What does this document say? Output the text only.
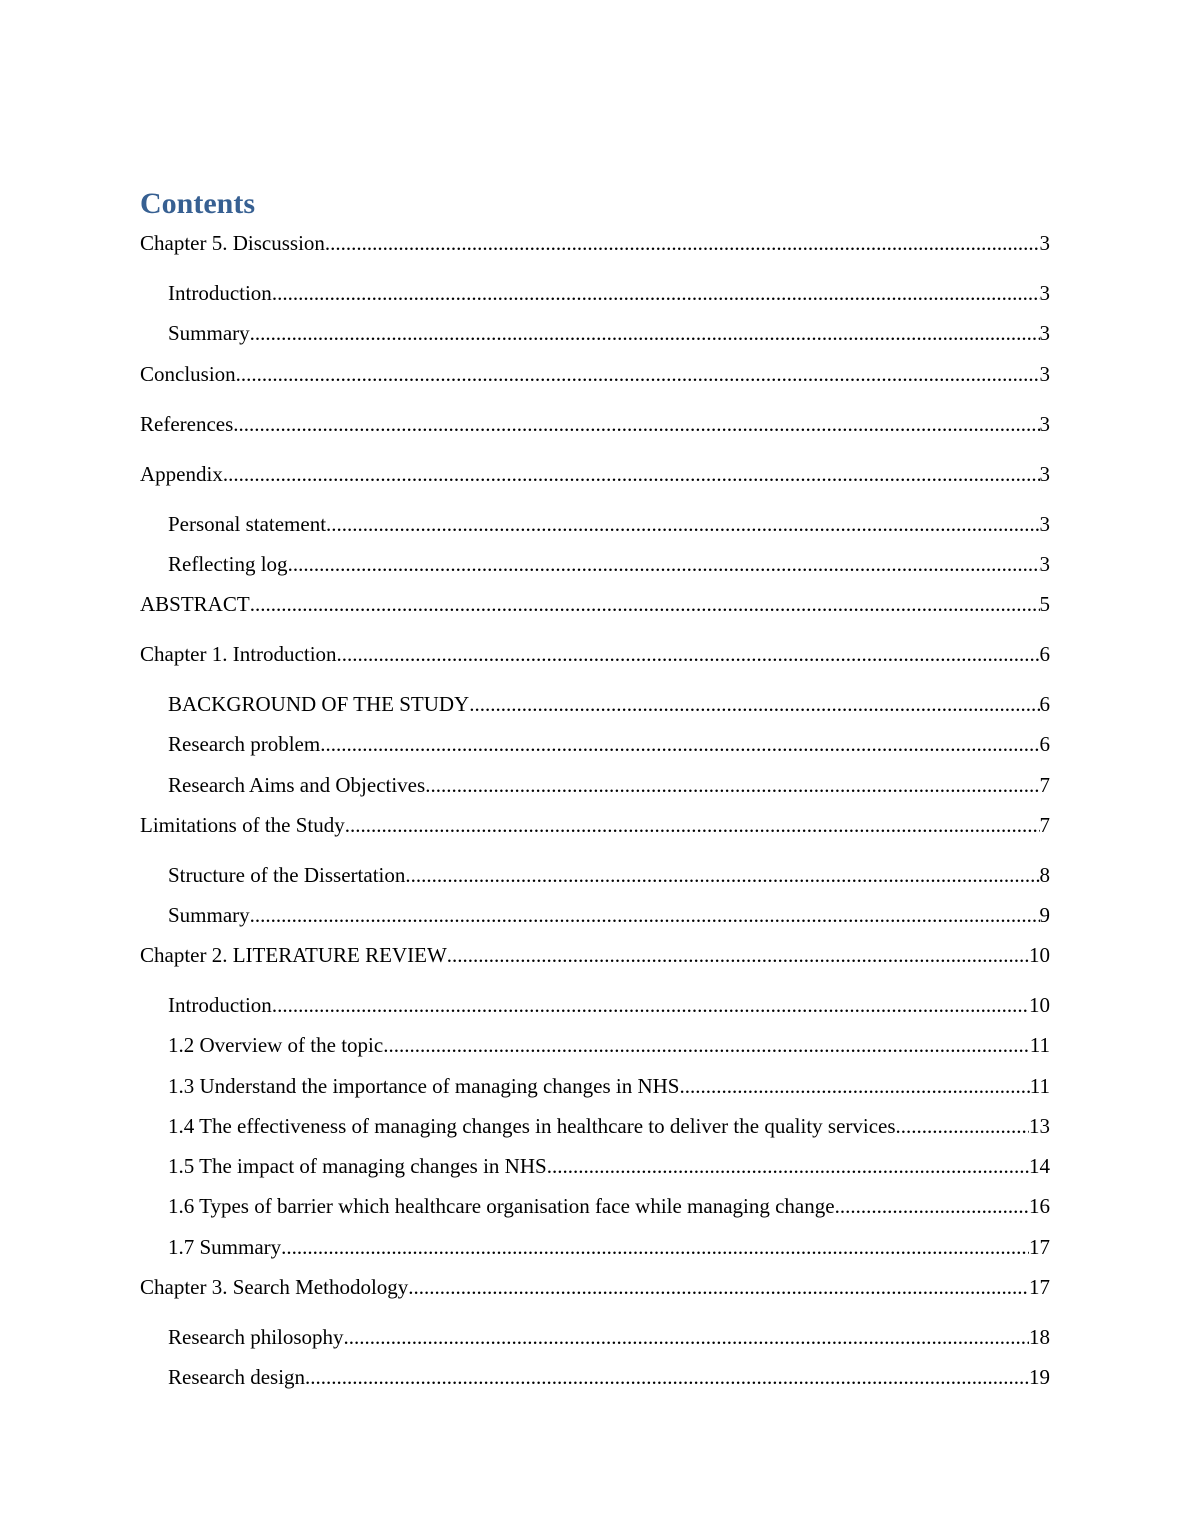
Contents
Chapter 5. Discussion .....	3
Introduction .....	3
Summary .....	3
Conclusion .....	3
References .....	3
Appendix .....	3
Personal statement .....	3
Reflecting log .....	3
ABSTRACT .....	5
Chapter 1. Introduction .....	6
BACKGROUND OF THE STUDY .....	6
Research problem .....	6
Research Aims and Objectives .....	7
Limitations of the Study .....	7
Structure of the Dissertation .....	8
Summary .....	9
Chapter 2. LITERATURE REVIEW .....	10
Introduction .....	10
1.2 Overview of the topic .....	11
1.3 Understand the importance of managing changes in NHS .....	11
1.4 The effectiveness of managing changes in healthcare to deliver the quality services .....	13
1.5 The impact of managing changes in NHS .....	14
1.6 Types of barrier which healthcare organisation face while managing change .....	16
1.7 Summary .....	17
Chapter 3. Search Methodology .....	17
Research philosophy .....	18
Research design .....	19
